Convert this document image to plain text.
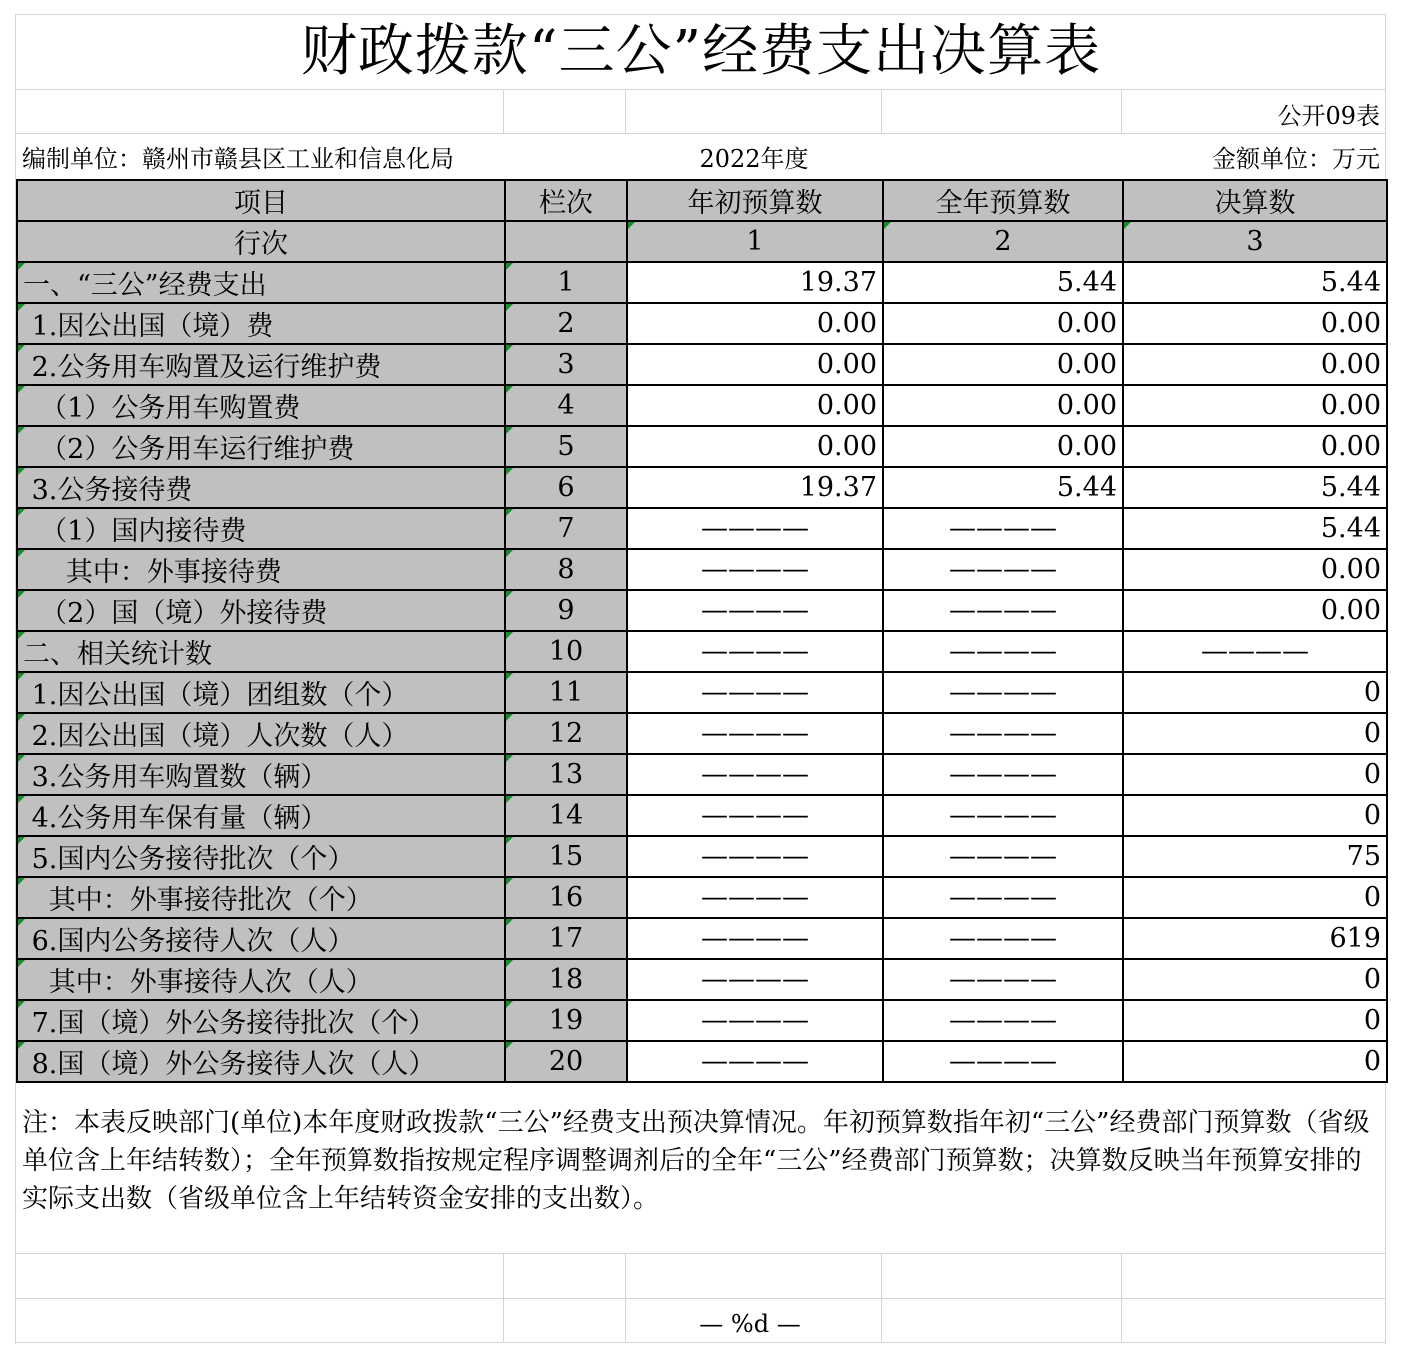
财政拨款“三公”经费支出决算表
公开09表
编制单位：赣州市赣县区工业和信息化局	2022年度	金额单位：万元
项目	栏次	年初预算数	全年预算数	决算数
行次		1	2	3
一、“三公”经费支出	1	19.37	5.44	5.44
1.因公出国（境）费	2	0.00	0.00	0.00
2.公务用车购置及运行维护费	3	0.00	0.00	0.00
（1）公务用车购置费	4	0.00	0.00	0.00
（2）公务用车运行维护费	5	0.00	0.00	0.00
3.公务接待费	6	19.37	5.44	5.44
（1）国内接待费	7	————	————	5.44
其中：外事接待费	8	————	————	0.00
（2）国（境）外接待费	9	————	————	0.00
二、相关统计数	10	————	————	————
1.因公出国（境）团组数（个）	11	————	————	0
2.因公出国（境）人次数（人）	12	————	————	0
3.公务用车购置数（辆）	13	————	————	0
4.公务用车保有量（辆）	14	————	————	0
5.国内公务接待批次（个）	15	————	————	75
其中：外事接待批次（个）	16	————	————	0
6.国内公务接待人次（人）	17	————	————	619
其中：外事接待人次（人）	18	————	————	0
7.国（境）外公务接待批次（个）	19	————	————	0
8.国（境）外公务接待人次（人）	20	————	————	0
注：本表反映部门(单位)本年度财政拨款“三公”经费支出预决算情况。年初预算数指年初“三公”经费部门预算数（省级单位含上年结转数）；全年预算数指按规定程序调整调剂后的全年“三公”经费部门预算数；决算数反映当年预算安排的实际支出数（省级单位含上年结转资金安排的支出数）。
— %d —
